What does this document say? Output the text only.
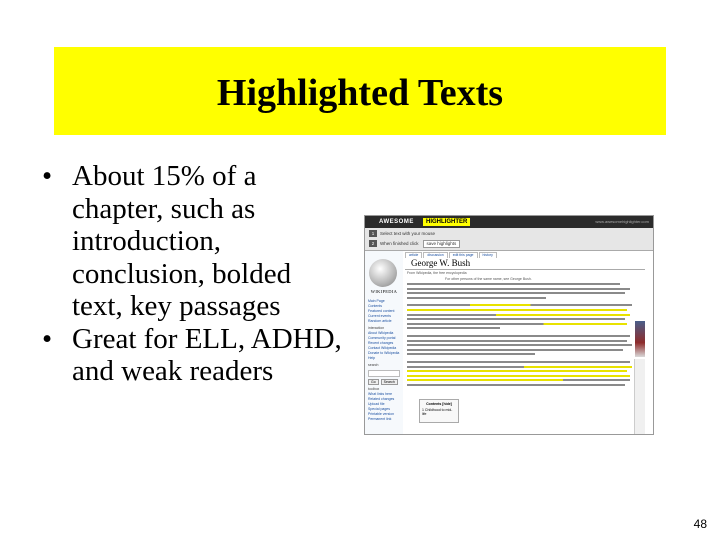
Highlighted Texts
• About 15% of a chapter, such as introduction, conclusion, bolded text, key passages
• Great for ELL, ADHD, and weak readers
AWESOME	HIGHLIGHTER	www.awesomehighlighter.com
1 Select text with your mouse
2 When finished click save highlights
WIKIPEDIA
Main Page
Contents
Featured content
Current events
Random article
interaction
About Wikipedia
Community portal
Recent changes
Contact Wikipedia
Donate to Wikipedia
Help
search
Go Search
toolbox
What links here
Related changes
Upload file
Special pages
Printable version
Permanent link
article	discussion	edit this page	history
George W. Bush
From Wikipedia, the free encyclopedia
For other persons of the same name, see George Bush.
Contents [hide]
1 Childhood to mid-life
48
